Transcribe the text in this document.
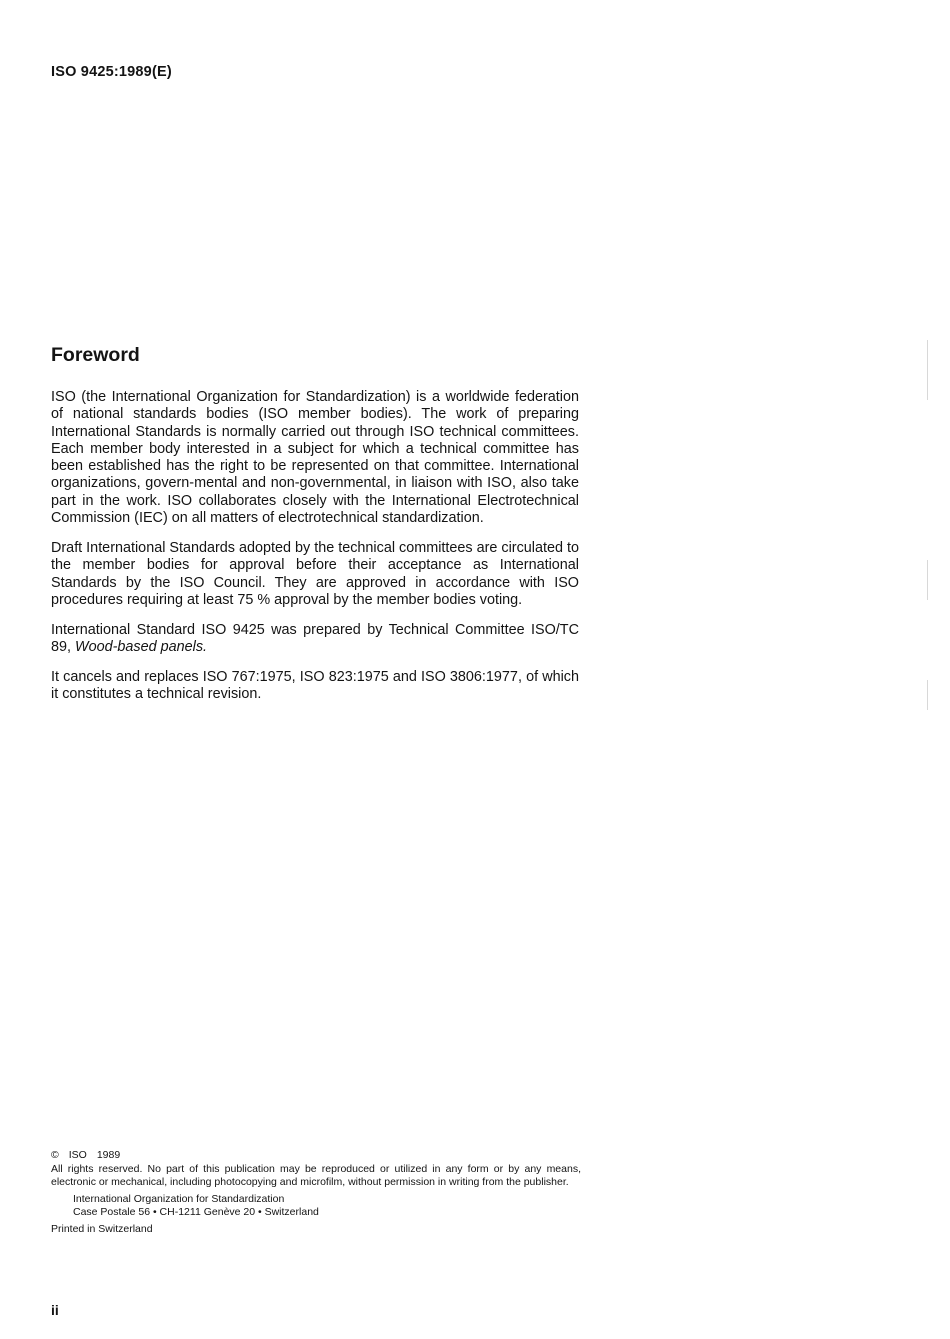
ISO 9425:1989(E)
Foreword

ISO (the International Organization for Standardization) is a worldwide federation of national standards bodies (ISO member bodies). The work of preparing International Standards is normally carried out through ISO technical committees. Each member body interested in a subject for which a technical committee has been established has the right to be represented on that committee. International organizations, govern-mental and non-governmental, in liaison with ISO, also take part in the work. ISO collaborates closely with the International Electrotechnical Commission (IEC) on all matters of electrotechnical standardization.

Draft International Standards adopted by the technical committees are circulated to the member bodies for approval before their acceptance as International Standards by the ISO Council. They are approved in accordance with ISO procedures requiring at least 75 % approval by the member bodies voting.

International Standard ISO 9425 was prepared by Technical Committee ISO/TC 89, Wood-based panels.

It cancels and replaces ISO 767:1975, ISO 823:1975 and ISO 3806:1977, of which it constitutes a technical revision.

© ISO 1989

All rights reserved. No part of this publication may be reproduced or utilized in any form or by any means, electronic or mechanical, including photocopying and microfilm, without permission in writing from the publisher.

International Organization for Standardization
Case Postale 56 • CH-1211 Genève 20 • Switzerland

Printed in Switzerland

ii
